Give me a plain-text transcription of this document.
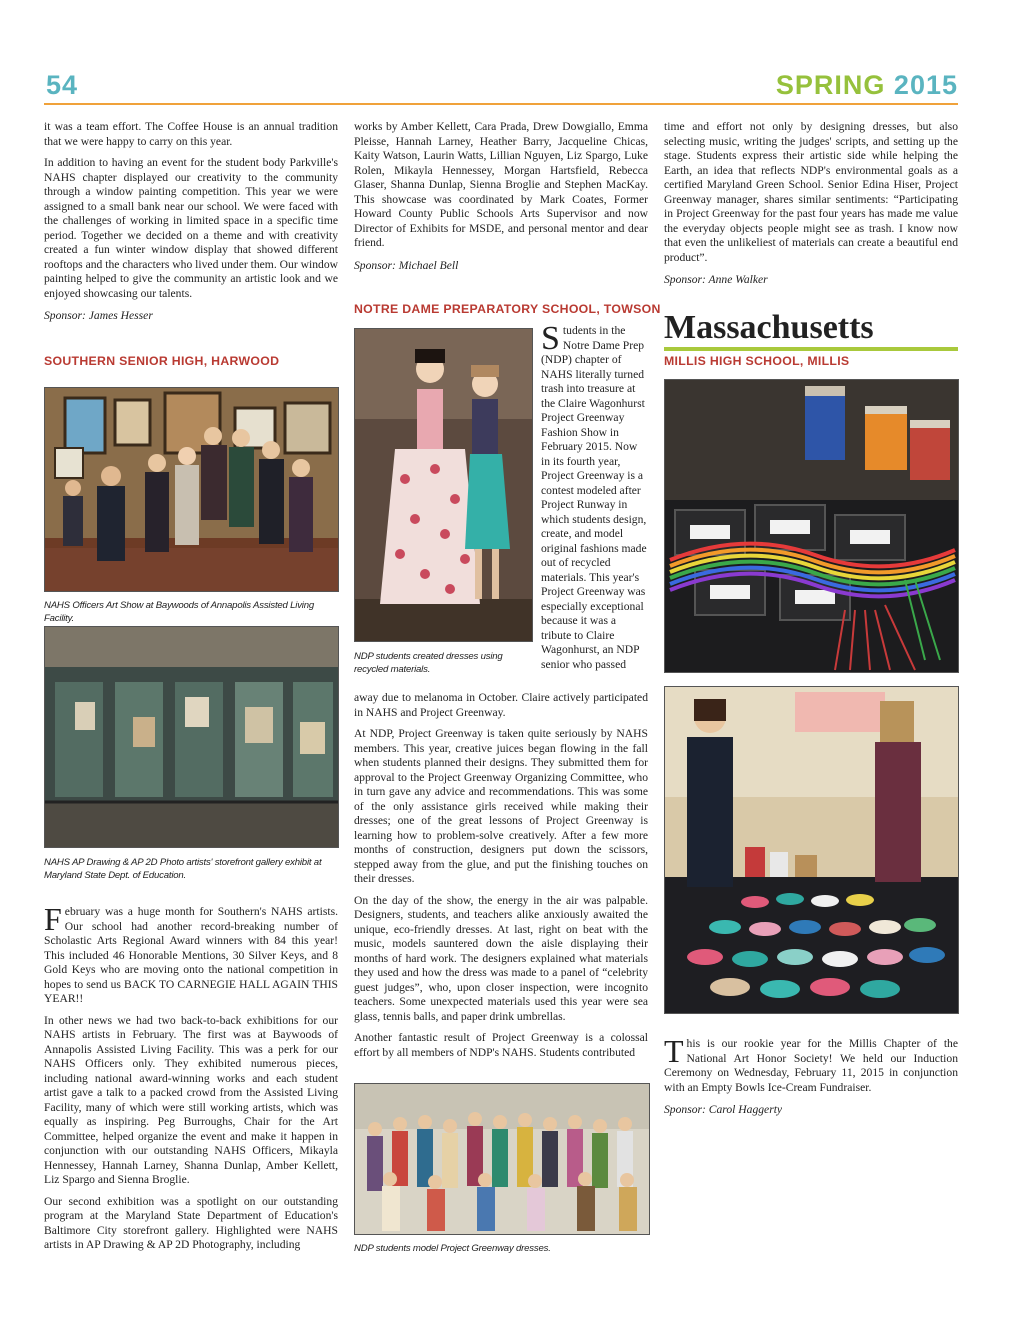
54	SPRING 2015

it was a team effort. The Coffee House is an annual tradition that we were happy to carry on this year.

In addition to having an event for the student body Parkville's NAHS chapter displayed our creativity to the community through a window painting competition. This year we were assigned to a small bank near our school. We were faced with the challenges of working in limited space in a specific time period. Together we decided on a theme and with creativity created a fun winter window display that showed different rooftops and the characters who lived under them. Our window painting helped to give the community an artistic look and we enjoyed showcasing our talents.

Sponsor: James Hesser

SOUTHERN SENIOR HIGH, HARWOOD
NAHS Officers Art Show at Baywoods of Annapolis Assisted Living Facility.
NAHS AP Drawing & AP 2D Photo artists' storefront gallery exhibit at Maryland State Dept. of Education.

February was a huge month for Southern's NAHS artists. Our school had another record-breaking number of Scholastic Arts Regional Award winners with 84 this year! This included 46 Honorable Mentions, 30 Silver Keys, and 8 Gold Keys who are moving onto the national competition in hopes to send us BACK TO CARNEGIE HALL AGAIN THIS YEAR!!

In other news we had two back-to-back exhibitions for our NAHS artists in February. The first was at Baywoods of Annapolis Assisted Living Facility. This was a perk for our NAHS Officers only. They exhibited numerous pieces, including national award-winning works and each student artist gave a talk to a packed crowd from the Assisted Living Facility, many of which were still working artists, which was equally as inspiring. Peg Burroughs, Chair for the Art Committee, helped organize the event and make it happen in conjunction with our outstanding NAHS Officers, Mikayla Hennessey, Hannah Larney, Shanna Dunlap, Amber Kellett, Liz Spargo and Sienna Broglie.

Our second exhibition was a spotlight on our outstanding program at the Maryland State Department of Education's Baltimore City storefront gallery. Highlighted were NAHS artists in AP Drawing & AP 2D Photography, including

works by Amber Kellett, Cara Prada, Drew Dowgiallo, Emma Pleisse, Hannah Larney, Heather Barry, Jacqueline Chicas, Kaity Watson, Laurin Watts, Lillian Nguyen, Liz Spargo, Luke Rolen, Mikayla Hennessey, Morgan Hartsfield, Rebecca Glaser, Shanna Dunlap, Sienna Broglie and Stephen MacKay. This showcase was coordinated by Mark Coates, Former Howard County Public Schools Arts Supervisor and now Director of Exhibits for MSDE, and personal mentor and dear friend.

Sponsor: Michael Bell

NOTRE DAME PREPARATORY SCHOOL, TOWSON
NDP students created dresses using recycled materials.

Students in the Notre Dame Prep (NDP) chapter of NAHS literally turned trash into treasure at the Claire Wagonhurst Project Greenway Fashion Show in February 2015. Now in its fourth year, Project Greenway is a contest modeled after Project Runway in which students design, create, and model original fashions made out of recycled materials. This year's Project Greenway was especially exceptional because it was a tribute to Claire Wagonhurst, an NDP senior who passed

away due to melanoma in October. Claire actively participated in NAHS and Project Greenway.

At NDP, Project Greenway is taken quite seriously by NAHS members. This year, creative juices began flowing in the fall when students planned their designs. They submitted them for approval to the Project Greenway Organizing Committee, who in turn gave any advice and recommendations. This was some of the only assistance girls received while making their dresses; one of the great lessons of Project Greenway is learning how to problem-solve creatively. After a few more months of construction, designers put down the scissors, stepped away from the glue, and put the finishing touches on their dresses.

On the day of the show, the energy in the air was palpable. Designers, students, and teachers alike anxiously awaited the unique, eco-friendly dresses. At last, right on beat with the music, models sauntered down the aisle displaying their months of hard work. The designers explained what materials they used and how the dress was made to a panel of “celebrity guest judges”, who, upon closer inspection, were incognito teachers. Some unexpected materials used this year were sea glass, tennis balls, and paper drink umbrellas.

Another fantastic result of Project Greenway is a colossal effort by all members of NDP's NAHS. Students contributed

NDP students model Project Greenway dresses.

time and effort not only by designing dresses, but also selecting music, writing the judges' scripts, and setting up the stage. Students express their artistic side while helping the Earth, an idea that reflects NDP's environmental goals as a certified Maryland Green School. Senior Edina Hiser, Project Greenway manager, shares similar sentiments: “Participating in Project Greenway for the past four years has made me value the everyday objects people might see as trash. I know now that even the unlikeliest of materials can create a beautiful end product”.

Sponsor: Anne Walker

Massachusetts
MILLIS HIGH SCHOOL, MILLIS

This is our rookie year for the Millis Chapter of the National Art Honor Society! We held our Induction Ceremony on Wednesday, February 11, 2015 in conjunction with an Empty Bowls Ice-Cream Fundraiser.

Sponsor: Carol Haggerty
